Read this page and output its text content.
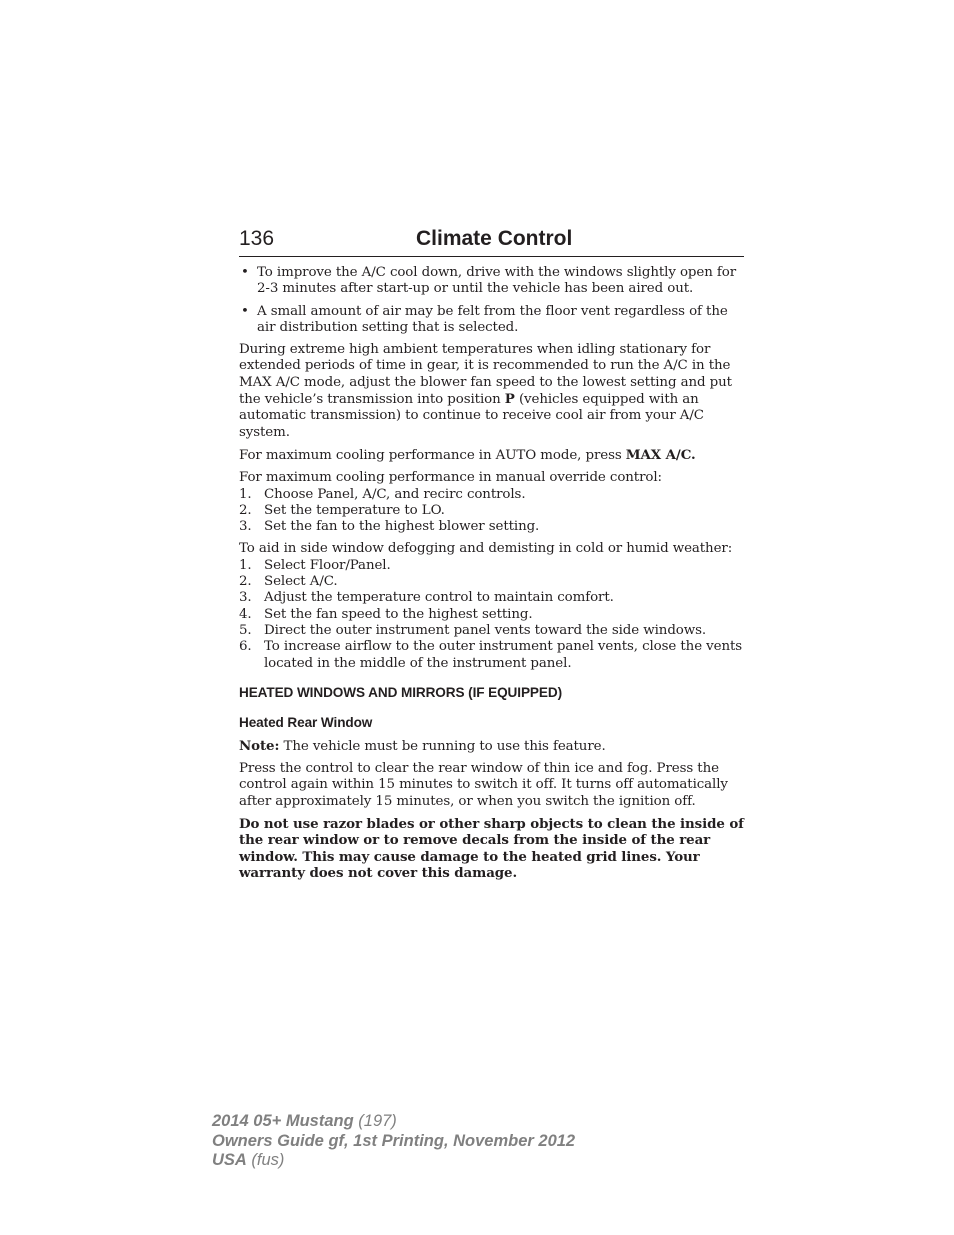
136	Climate Control
• To improve the A/C cool down, drive with the windows slightly open for 2-3 minutes after start-up or until the vehicle has been aired out.
• A small amount of air may be felt from the floor vent regardless of the air distribution setting that is selected.

During extreme high ambient temperatures when idling stationary for extended periods of time in gear, it is recommended to run the A/C in the MAX A/C mode, adjust the blower fan speed to the lowest setting and put the vehicle’s transmission into position P (vehicles equipped with an automatic transmission) to continue to receive cool air from your A/C system.

For maximum cooling performance in AUTO mode, press MAX A/C.

For maximum cooling performance in manual override control:

1. Choose Panel, A/C, and recirc controls.
2. Set the temperature to LO.
3. Set the fan to the highest blower setting.

To aid in side window defogging and demisting in cold or humid weather:

1. Select Floor/Panel.
2. Select A/C.
3. Adjust the temperature control to maintain comfort.
4. Set the fan speed to the highest setting.
5. Direct the outer instrument panel vents toward the side windows.
6. To increase airflow to the outer instrument panel vents, close the vents located in the middle of the instrument panel.
HEATED WINDOWS AND MIRRORS (IF EQUIPPED)
Heated Rear Window

Note: The vehicle must be running to use this feature.

Press the control to clear the rear window of thin ice and fog. Press the control again within 15 minutes to switch it off. It turns off automatically after approximately 15 minutes, or when you switch the ignition off.

Do not use razor blades or other sharp objects to clean the inside of the rear window or to remove decals from the inside of the rear window. This may cause damage to the heated grid lines. Your warranty does not cover this damage.

2014 05+ Mustang (197)
Owners Guide gf, 1st Printing, November 2012
USA (fus)
